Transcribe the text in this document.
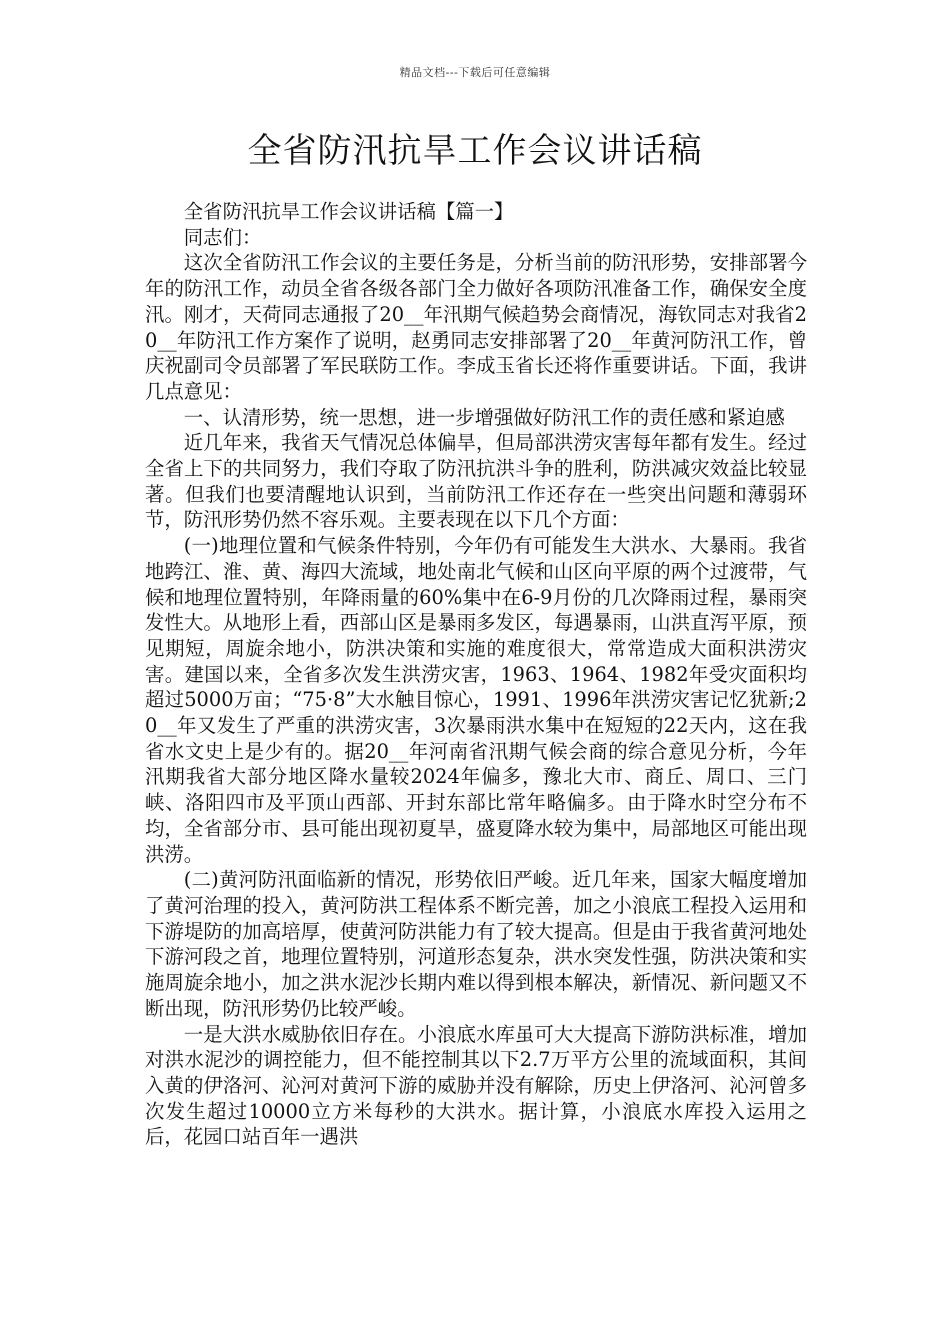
精品文档---下载后可任意编辑
全省防汛抗旱工作会议讲话稿

全省防汛抗旱工作会议讲话稿【篇一】

同志们：

这次全省防汛工作会议的主要任务是，分析当前的防汛形势，安排部署今年的防汛工作，动员全省各级各部门全力做好各项防汛准备工作，确保安全度汛。刚才，天荷同志通报了20__年汛期气候趋势会商情况，海钦同志对我省20__年防汛工作方案作了说明，赵勇同志安排部署了20__年黄河防汛工作，曾庆祝副司令员部署了军民联防工作。李成玉省长还将作重要讲话。下面，我讲几点意见：

一、认清形势，统一思想，进一步增强做好防汛工作的责任感和紧迫感

近几年来，我省天气情况总体偏旱，但局部洪涝灾害每年都有发生。经过全省上下的共同努力，我们夺取了防汛抗洪斗争的胜利，防洪减灾效益比较显著。但我们也要清醒地认识到，当前防汛工作还存在一些突出问题和薄弱环节，防汛形势仍然不容乐观。主要表现在以下几个方面：

(一)地理位置和气候条件特别，今年仍有可能发生大洪水、大暴雨。我省地跨江、淮、黄、海四大流域，地处南北气候和山区向平原的两个过渡带，气候和地理位置特别，年降雨量的60%集中在6-9月份的几次降雨过程，暴雨突发性大。从地形上看，西部山区是暴雨多发区，每遇暴雨，山洪直泻平原，预见期短，周旋余地小，防洪决策和实施的难度很大，常常造成大面积洪涝灾害。建国以来，全省多次发生洪涝灾害，1963、1964、1982年受灾面积均超过5000万亩；“75·8”大水触目惊心，1991、1996年洪涝灾害记忆犹新;20__年又发生了严重的洪涝灾害，3次暴雨洪水集中在短短的22天内，这在我省水文史上是少有的。据20__年河南省汛期气候会商的综合意见分析，今年汛期我省大部分地区降水量较2024年偏多，豫北大市、商丘、周口、三门峡、洛阳四市及平顶山西部、开封东部比常年略偏多。由于降水时空分布不均，全省部分市、县可能出现初夏旱，盛夏降水较为集中，局部地区可能出现洪涝。

(二)黄河防汛面临新的情况，形势依旧严峻。近几年来，国家大幅度增加了黄河治理的投入，黄河防洪工程体系不断完善，加之小浪底工程投入运用和下游堤防的加高培厚，使黄河防洪能力有了较大提高。但是由于我省黄河地处下游河段之首，地理位置特别，河道形态复杂，洪水突发性强，防洪决策和实施周旋余地小，加之洪水泥沙长期内难以得到根本解决，新情况、新问题又不断出现，防汛形势仍比较严峻。

一是大洪水威胁依旧存在。小浪底水库虽可大大提高下游防洪标准，增加对洪水泥沙的调控能力，但不能控制其以下2.7万平方公里的流域面积，其间入黄的伊洛河、沁河对黄河下游的威胁并没有解除，历史上伊洛河、沁河曾多次发生超过10000立方米每秒的大洪水。据计算，小浪底水库投入运用之后，花园口站百年一遇洪
